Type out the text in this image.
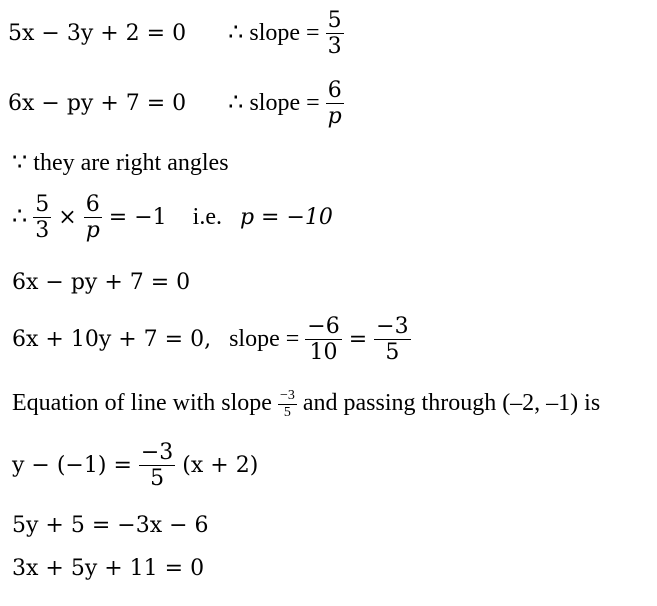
5x − 3y + 2 = 0 ∴ slope = $\frac{5}{3}$
6x − py + 7 = 0 ∴ slope = $\frac{6}{p}$
∵ they are right angles
∴ $\frac{5}{3} \times \frac{6}{p} = -1$ i.e. p = −10
6x − py + 7 = 0
6x + 10y + 7 = 0, slope = $\frac{-6}{10} = \frac{-3}{5}$
Equation of line with slope $\frac{-3}{5}$ and passing through (–2, –1) is
$y - (-1) = \frac{-3}{5} (x + 2)$
5y + 5 = −3x − 6
3x + 5y + 11 = 0
